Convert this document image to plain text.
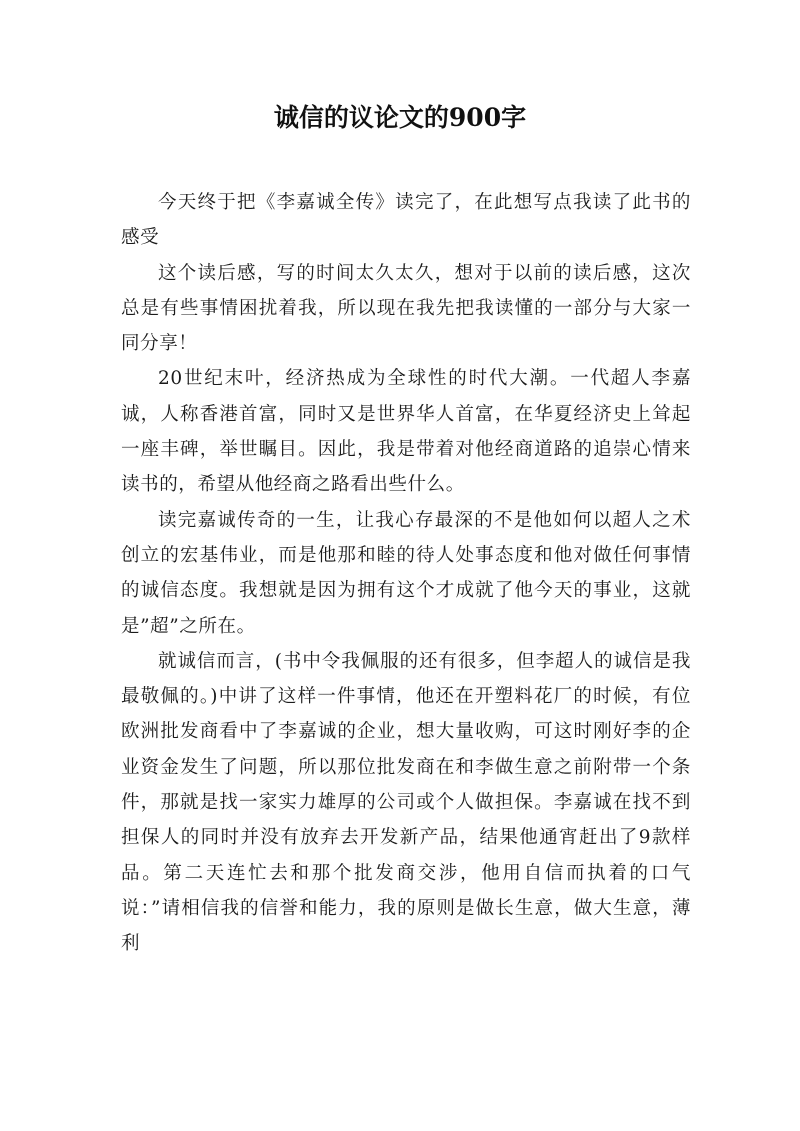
诚信的议论文的900字

今天终于把《李嘉诚全传》读完了，在此想写点我读了此书的感受

这个读后感，写的时间太久太久，想对于以前的读后感，这次总是有些事情困扰着我，所以现在我先把我读懂的一部分与大家一同分享！

20世纪末叶，经济热成为全球性的时代大潮。一代超人李嘉诚，人称香港首富，同时又是世界华人首富，在华夏经济史上耸起一座丰碑，举世瞩目。因此，我是带着对他经商道路的追崇心情来读书的，希望从他经商之路看出些什么。

读完嘉诚传奇的一生，让我心存最深的不是他如何以超人之术创立的宏基伟业，而是他那和睦的待人处事态度和他对做任何事情的诚信态度。我想就是因为拥有这个才成就了他今天的事业，这就是”超”之所在。

就诚信而言，(书中令我佩服的还有很多，但李超人的诚信是我最敬佩的。)中讲了这样一件事情，他还在开塑料花厂的时候，有位欧洲批发商看中了李嘉诚的企业，想大量收购，可这时刚好李的企业资金发生了问题，所以那位批发商在和李做生意之前附带一个条件，那就是找一家实力雄厚的公司或个人做担保。李嘉诚在找不到担保人的同时并没有放弃去开发新产品，结果他通宵赶出了9款样品。第二天连忙去和那个批发商交涉，他用自信而执着的口气说：”请相信我的信誉和能力，我的原则是做长生意，做大生意，薄利
